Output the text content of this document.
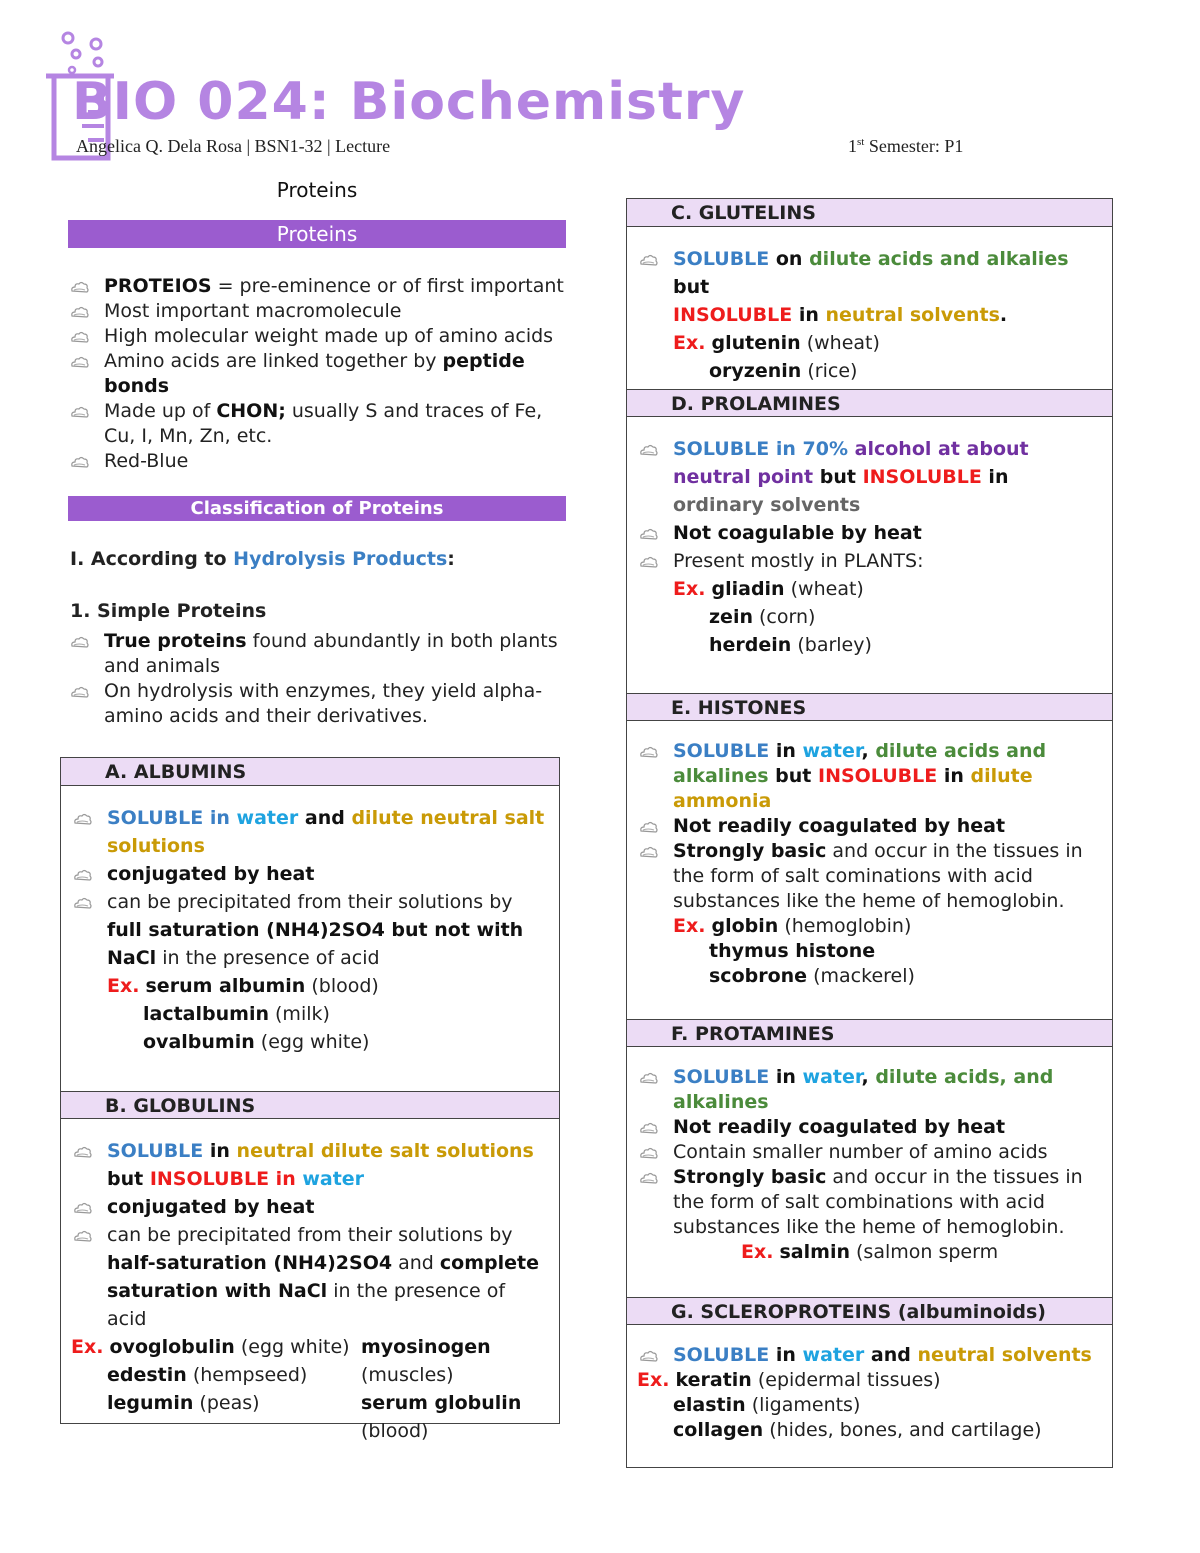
BIO 024: Biochemistry
Angelica Q. Dela Rosa | BSN1-32 | Lecture	1st Semester: P1
Proteins
Proteins
PROTEIOS = pre-eminence or of first important
Most important macromolecule
High molecular weight made up of amino acids
Amino acids are linked together by peptide bonds
Made up of CHON; usually S and traces of Fe, Cu, I, Mn, Zn, etc.
Red-Blue
Classification of Proteins
I. According to Hydrolysis Products:
1. Simple Proteins
True proteins found abundantly in both plants and animals
On hydrolysis with enzymes, they yield alpha-amino acids and their derivatives.
A. ALBUMINS
SOLUBLE in water and dilute neutral salt solutions
conjugated by heat
can be precipitated from their solutions by full saturation (NH4)2SO4 but not with NaCl in the presence of acid
Ex. serum albumin (blood)
lactalbumin (milk)
ovalbumin (egg white)
B. GLOBULINS
SOLUBLE in neutral dilute salt solutions
but INSOLUBLE in water
conjugated by heat
can be precipitated from their solutions by half-saturation (NH4)2SO4 and complete saturation with NaCl in the presence of acid
Ex. ovoglobulin (egg white)	myosinogen
edestin (hempseed)	(muscles)
legumin (peas)	serum globulin (blood)
C. GLUTELINS
SOLUBLE on dilute acids and alkalies but
INSOLUBLE in neutral solvents.
Ex. glutenin (wheat)
oryzenin (rice)
D. PROLAMINES
SOLUBLE in 70% alcohol at about neutral point but INSOLUBLE in ordinary solvents
Not coagulable by heat
Present mostly in PLANTS:
Ex. gliadin (wheat)
zein (corn)
herdein (barley)
E. HISTONES
SOLUBLE in water, dilute acids and alkalines but INSOLUBLE in dilute ammonia
Not readily coagulated by heat
Strongly basic and occur in the tissues in the form of salt cominations with acid substances like the heme of hemoglobin.
Ex. globin (hemoglobin)
thymus histone
scobrone (mackerel)
F. PROTAMINES
SOLUBLE in water, dilute acids, and alkalines
Not readily coagulated by heat
Contain smaller number of amino acids
Strongly basic and occur in the tissues in the form of salt combinations with acid substances like the heme of hemoglobin.
Ex. salmin (salmon sperm
G. SCLEROPROTEINS (albuminoids)
SOLUBLE in water and neutral solvents
Ex. keratin (epidermal tissues)
elastin (ligaments)
collagen (hides, bones, and cartilage)
